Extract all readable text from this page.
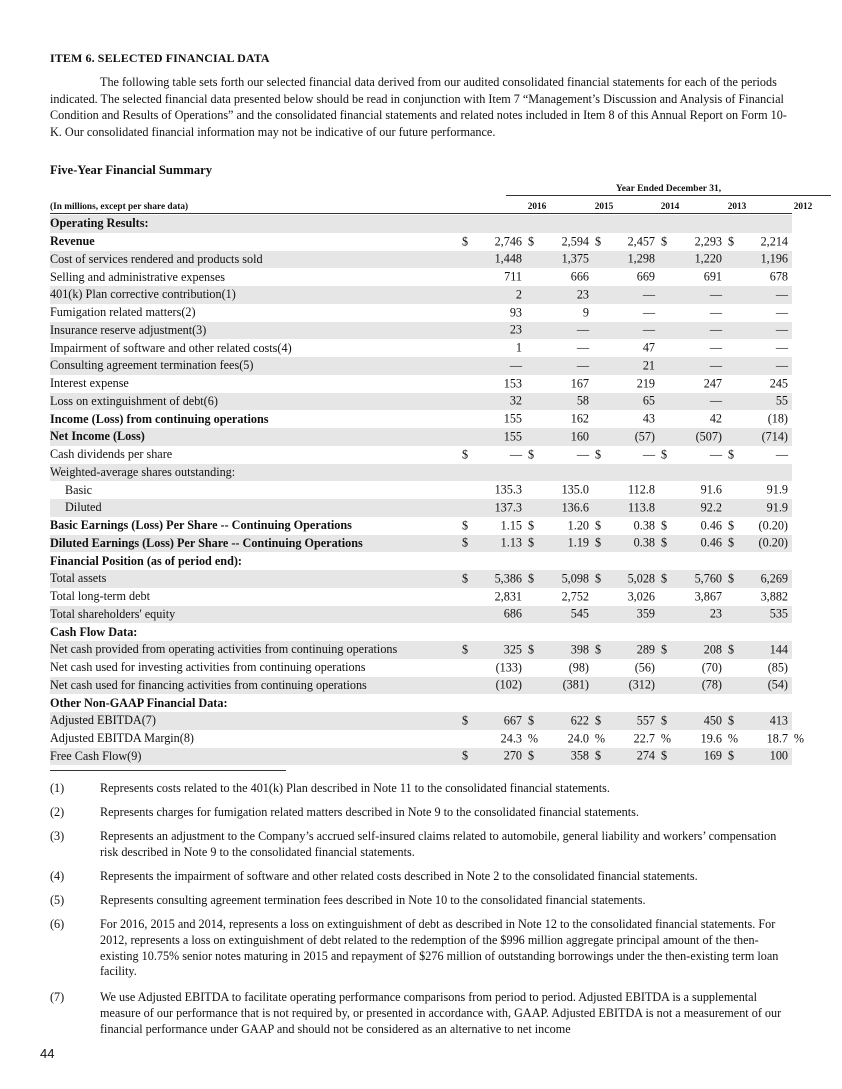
ITEM 6. SELECTED FINANCIAL DATA
The following table sets forth our selected financial data derived from our audited consolidated financial statements for each of the periods indicated. The selected financial data presented below should be read in conjunction with Item 7 “Management’s Discussion and Analysis of Financial Condition and Results of Operations” and the consolidated financial statements and related notes included in Item 8 of this Annual Report on Form 10-K. Our consolidated financial information may not be indicative of our future performance.
Five-Year Financial Summary
Year Ended December 31,
(In millions, except per share data)	2016	2015	2014	2013	2012
Operating Results:	

Revenue	$ 2,746	$ 2,594	$ 2,457	$ 2,293	$ 2,214

Cost of services rendered and products sold	1,448	1,375	1,298	1,220	1,196

Selling and administrative expenses	711	666	669	691	678

401(k) Plan corrective contribution(1)	2	23	—	—	—

Fumigation related matters(2)	93	9	—	—	—

Insurance reserve adjustment(3)	23	—	—	—	—

Impairment of software and other related costs(4)	1	—	47	—	—

Consulting agreement termination fees(5)	—	—	21	—	—

Interest expense	153	167	219	247	245

Loss on extinguishment of debt(6)	32	58	65	—	55

Income (Loss) from continuing operations	155	162	43	42	(18)

Net Income (Loss)	155	160	(57)	(507)	(714)

Cash dividends per share	$ —	$ —	$ —	$ —	$ —

Weighted-average shares outstanding:	

Basic	135.3	135.0	112.8	91.6	91.9

Diluted	137.3	136.6	113.8	92.2	91.9

Basic Earnings (Loss) Per Share -- Continuing Operations	$ 1.15	$ 1.20	$ 0.38	$ 0.46	$ (0.20)

Diluted Earnings (Loss) Per Share -- Continuing Operations	$ 1.13	$ 1.19	$ 0.38	$ 0.46	$ (0.20)

Financial Position (as of period end):	

Total assets	$ 5,386	$ 5,098	$ 5,028	$ 5,760	$ 6,269

Total long-term debt	2,831	2,752	3,026	3,867	3,882

Total shareholders' equity	686	545	359	23	535

Cash Flow Data:	

Net cash provided from operating activities from continuing operations	$ 325	$ 398	$ 289	$ 208	$ 144

Net cash used for investing activities from continuing operations	(133)	(98)	(56)	(70)	(85)

Net cash used for financing activities from continuing operations	(102)	(381)	(312)	(78)	(54)

Other Non-GAAP Financial Data:	

Adjusted EBITDA(7)	$ 667	$ 622	$ 557	$ 450	$ 413

Adjusted EBITDA Margin(8)	24.3 %	24.0 %	22.7 %	19.6 %	18.7 %

Free Cash Flow(9)	$ 270	$ 358	$ 274	$ 169	$ 100
(1)	Represents costs related to the 401(k) Plan described in Note 11 to the consolidated financial statements.
(2)	Represents charges for fumigation related matters described in Note 9 to the consolidated financial statements.
(3)	Represents an adjustment to the Company’s accrued self-insured claims related to automobile, general liability and workers’ compensation risk described in Note 9 to the consolidated financial statements.
(4)	Represents the impairment of software and other related costs described in Note 2 to the consolidated financial statements.
(5)	Represents consulting agreement termination fees described in Note 10 to the consolidated financial statements.
(6)	For 2016, 2015 and 2014, represents a loss on extinguishment of debt as described in Note 12 to the consolidated financial statements. For 2012, represents a loss on extinguishment of debt related to the redemption of the $996 million aggregate principal amount of the then-existing 10.75% senior notes maturing in 2015 and repayment of $276 million of outstanding borrowings under the then-existing term loan facility.
(7)	We use Adjusted EBITDA to facilitate operating performance comparisons from period to period. Adjusted EBITDA is a supplemental measure of our performance that is not required by, or presented in accordance with, GAAP. Adjusted EBITDA is not a measurement of our financial performance under GAAP and should not be considered as an alternative to net income
44
